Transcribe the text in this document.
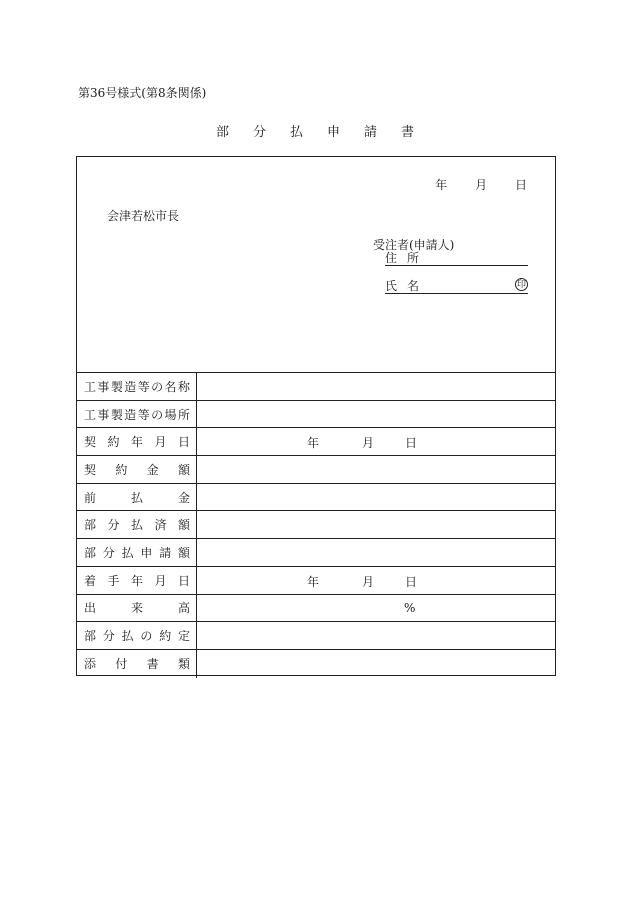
第36号様式(第8条関係)
部分払申請書
年 月 日
会津若松市長
受注者(申請人)
住所
氏名	印
工 事 製 造 等 の 名 称
工 事 製 造 等 の 場 所
契 約 年 月 日	年	月	日
契 約 金 額
前	払	金
部 分 払 済 額
部 分 払 申 請 額
着 手 年 月 日	年	月	日
出	来	高	%
部 分 払 の 約 定
添 付 書 類
